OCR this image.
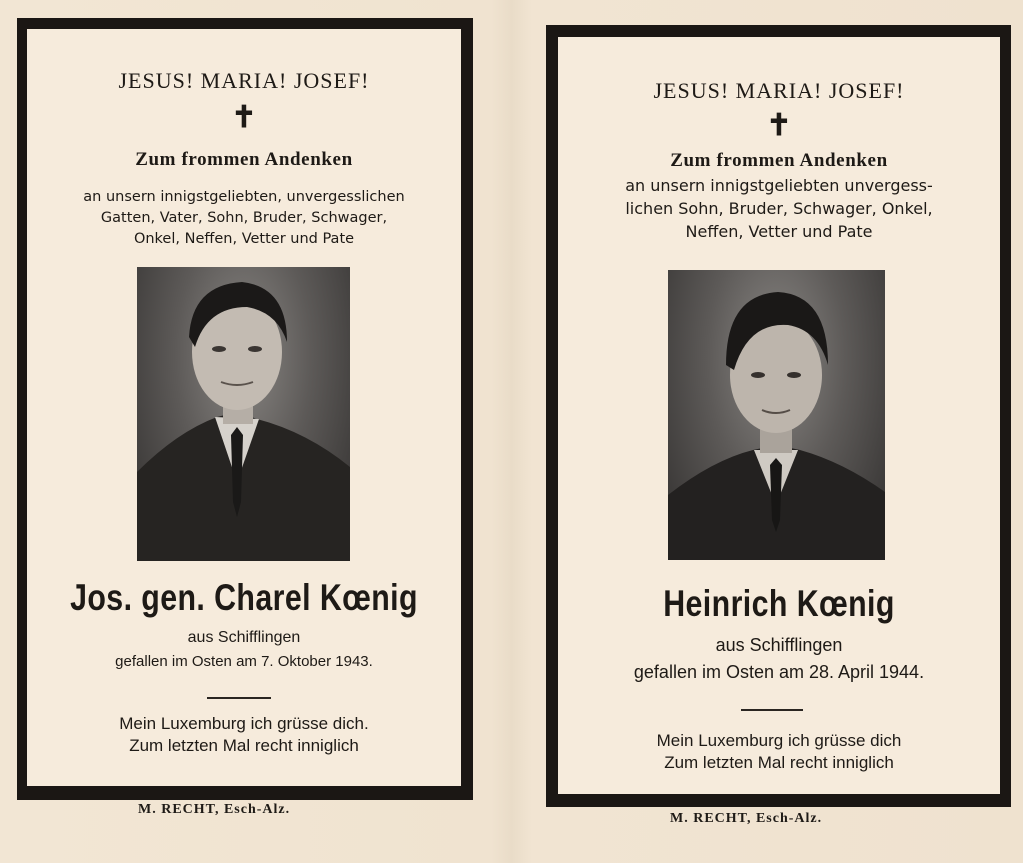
JESUS! MARIA! JOSEF!
✝
Zum frommen Andenken
an unsern innigstgeliebten, unvergesslichen
Gatten, Vater, Sohn, Bruder, Schwager,
Onkel, Neffen, Vetter und Pate
Jos. gen. Charel Kœnig
aus Schifflingen
gefallen im Osten am 7. Oktober 1943.
Mein Luxemburg ich grüsse dich.
Zum letzten Mal recht inniglich
M. RECHT, Esch-Alz.
JESUS! MARIA! JOSEF!
✝
Zum frommen Andenken
an unsern innigstgeliebten unvergess-
lichen Sohn, Bruder, Schwager, Onkel,
Neffen, Vetter und Pate
Heinrich Kœnig
aus Schifflingen
gefallen im Osten am 28. April 1944.
Mein Luxemburg ich grüsse dich
Zum letzten Mal recht inniglich
M. RECHT, Esch-Alz.
